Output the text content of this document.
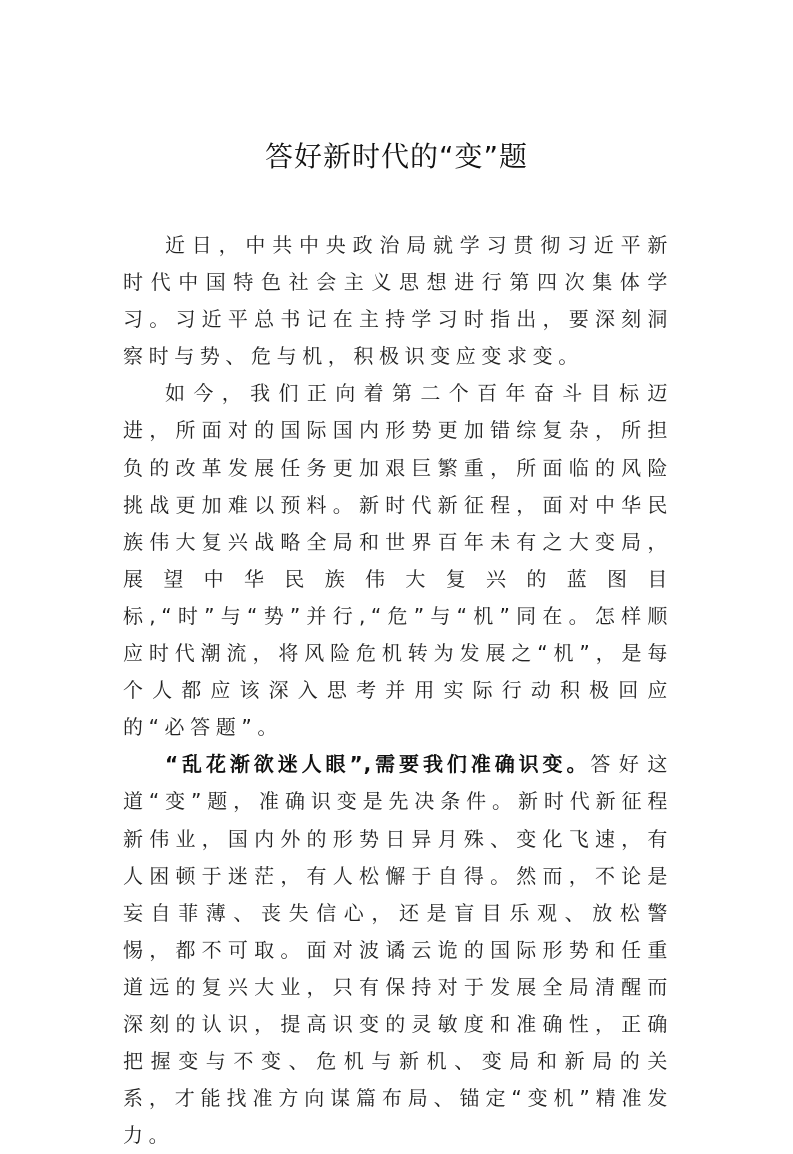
答好新时代的“变”题

近日，中共中央政治局就学习贯彻习近平新时代中国特色社会主义思想进行第四次集体学习。习近平总书记在主持学习时指出，要深刻洞察时与势、危与机，积极识变应变求变。

如今，我们正向着第二个百年奋斗目标迈进，所面对的国际国内形势更加错综复杂，所担负的改革发展任务更加艰巨繁重，所面临的风险挑战更加难以预料。新时代新征程，面对中华民族伟大复兴战略全局和世界百年未有之大变局，展望中华民族伟大复兴的蓝图目标,“时”与“势”并行,“危”与“机”同在。怎样顺应时代潮流，将风险危机转为发展之“机”，是每个人都应该深入思考并用实际行动积极回应的“必答题”。

“乱花渐欲迷人眼”,需要我们准确识变。答好这道“变”题，准确识变是先决条件。新时代新征程新伟业，国内外的形势日异月殊、变化飞速，有人困顿于迷茫，有人松懈于自得。然而，不论是妄自菲薄、丧失信心，还是盲目乐观、放松警惕，都不可取。面对波谲云诡的国际形势和任重道远的复兴大业，只有保持对于发展全局清醒而深刻的认识，提高识变的灵敏度和准确性，正确把握变与不变、危机与新机、变局和新局的关系，才能找准方向谋篇布局、锚定“变机”精准发力。
